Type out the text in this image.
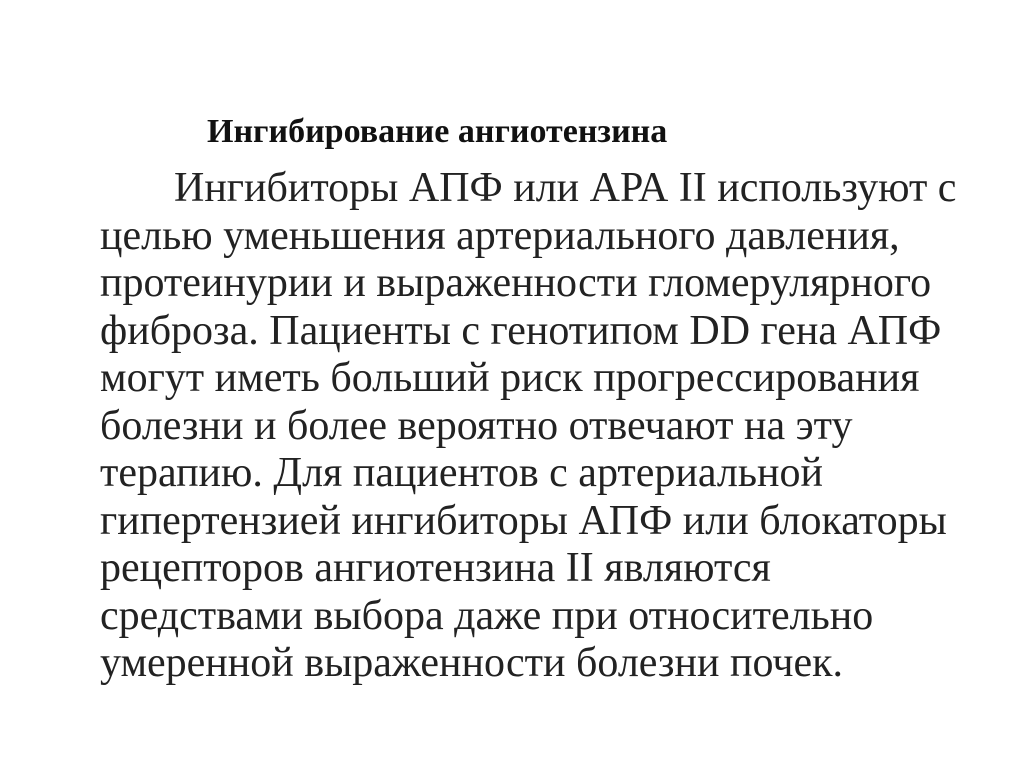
Ингибирование ангиотензина

Ингибиторы АПФ или АРА II используют с
целью уменьшения артериального давления,
протеинурии и выраженности гломерулярного
фиброза. Пациенты с генотипом DD гена АПФ
могут иметь больший риск прогрессирования
болезни и более вероятно отвечают на эту
терапию. Для пациентов с артериальной
гипертензией ингибиторы АПФ или блокаторы
рецепторов ангиотензина II являются
средствами выбора даже при относительно
умеренной выраженности болезни почек.
